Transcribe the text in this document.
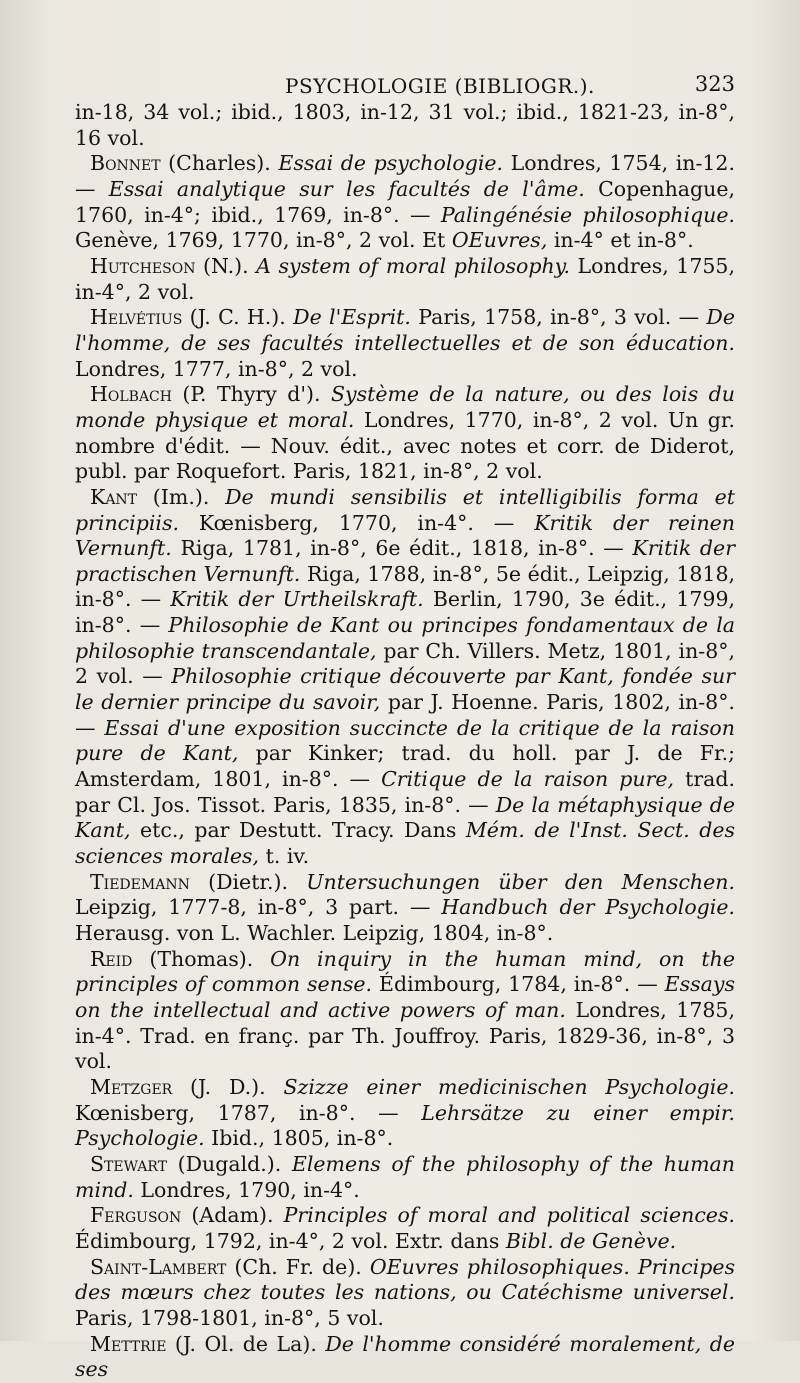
PSYCHOLOGIE (BIBLIOGR.).	323

in-18, 34 vol.; ibid., 1803, in-12, 31 vol.; ibid., 1821-23, in-8°, 16 vol.

Bonnet (Charles). Essai de psychologie. Londres, 1754, in-12. — Essai analytique sur les facultés de l'âme. Copenhague, 1760, in-4°; ibid., 1769, in-8°. — Palingénésie philosophique. Genève, 1769, 1770, in-8°, 2 vol. Et OEuvres, in-4° et in-8°.

Hutcheson (N.). A system of moral philosophy. Londres, 1755, in-4°, 2 vol.

Helvétius (J. C. H.). De l'Esprit. Paris, 1758, in-8°, 3 vol. — De l'homme, de ses facultés intellectuelles et de son éducation. Londres, 1777, in-8°, 2 vol.

Holbach (P. Thyry d'). Système de la nature, ou des lois du monde physique et moral. Londres, 1770, in-8°, 2 vol. Un gr. nombre d'édit. — Nouv. édit., avec notes et corr. de Diderot, publ. par Roquefort. Paris, 1821, in-8°, 2 vol.

Kant (Im.). De mundi sensibilis et intelligibilis forma et principiis. Kœnisberg, 1770, in-4°. — Kritik der reinen Vernunft. Riga, 1781, in-8°, 6e édit., 1818, in-8°. — Kritik der practischen Vernunft. Riga, 1788, in-8°, 5e édit., Leipzig, 1818, in-8°. — Kritik der Urtheilskraft. Berlin, 1790, 3e édit., 1799, in-8°. — Philosophie de Kant ou principes fondamentaux de la philosophie transcendantale, par Ch. Villers. Metz, 1801, in-8°, 2 vol. — Philosophie critique découverte par Kant, fondée sur le dernier principe du savoir, par J. Hoenne. Paris, 1802, in-8°. — Essai d'une exposition succincte de la critique de la raison pure de Kant, par Kinker; trad. du holl. par J. de Fr.; Amsterdam, 1801, in-8°. — Critique de la raison pure, trad. par Cl. Jos. Tissot. Paris, 1835, in-8°. — De la métaphysique de Kant, etc., par Destutt. Tracy. Dans Mém. de l'Inst. Sect. des sciences morales, t. iv.

Tiedemann (Dietr.). Untersuchungen über den Menschen. Leipzig, 1777-8, in-8°, 3 part. — Handbuch der Psychologie. Herausg. von L. Wachler. Leipzig, 1804, in-8°.

Reid (Thomas). On inquiry in the human mind, on the principles of common sense. Édimbourg, 1784, in-8°. — Essays on the intellectual and active powers of man. Londres, 1785, in-4°. Trad. en franç. par Th. Jouffroy. Paris, 1829-36, in-8°, 3 vol.

Metzger (J. D.). Szizze einer medicinischen Psychologie. Kœnisberg, 1787, in-8°. — Lehrsätze zu einer empir. Psychologie. Ibid., 1805, in-8°.

Stewart (Dugald.). Elemens of the philosophy of the human mind. Londres, 1790, in-4°.

Ferguson (Adam). Principles of moral and political sciences. Édimbourg, 1792, in-4°, 2 vol. Extr. dans Bibl. de Genève.

Saint-Lambert (Ch. Fr. de). OEuvres philosophiques. Principes des mœurs chez toutes les nations, ou Catéchisme universel. Paris, 1798-1801, in-8°, 5 vol.

Mettrie (J. Ol. de La). De l'homme considéré moralement, de ses
